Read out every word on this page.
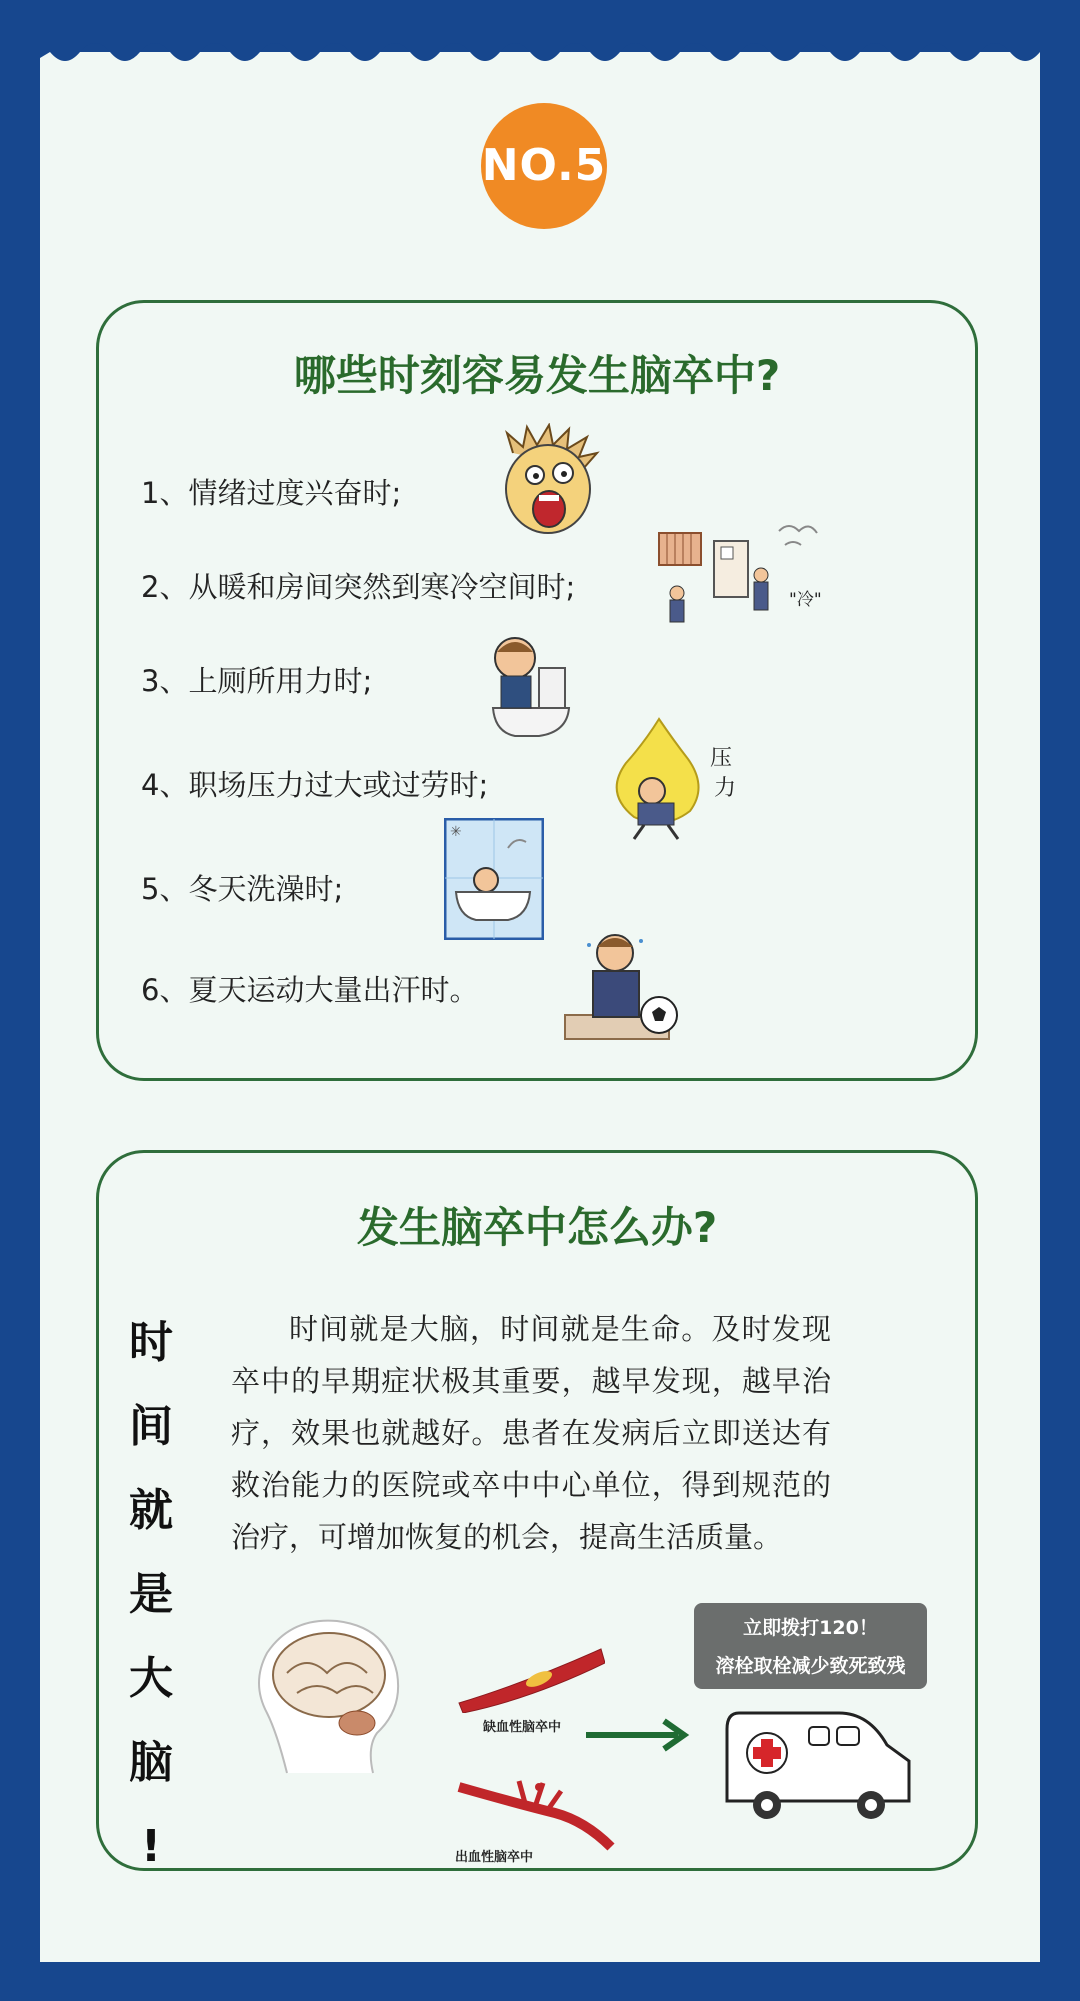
NO.5
哪些时刻容易发生脑卒中?
1、情绪过度兴奋时;
2、从暖和房间突然到寒冷空间时;
3、上厕所用力时;
4、职场压力过大或过劳时;
5、冬天洗澡时;
6、夏天运动大量出汗时。
"冷"
压
力
✳
发生脑卒中怎么办?
时
间
就
是
大
脑
!
时间就是大脑，时间就是生命。及时发现卒中的早期症状极其重要，越早发现，越早治疗，效果也就越好。患者在发病后立即送达有救治能力的医院或卒中中心单位，得到规范的治疗，可增加恢复的机会，提高生活质量。
缺血性脑卒中
出血性脑卒中
立即拨打120！
溶栓取栓减少致死致残
